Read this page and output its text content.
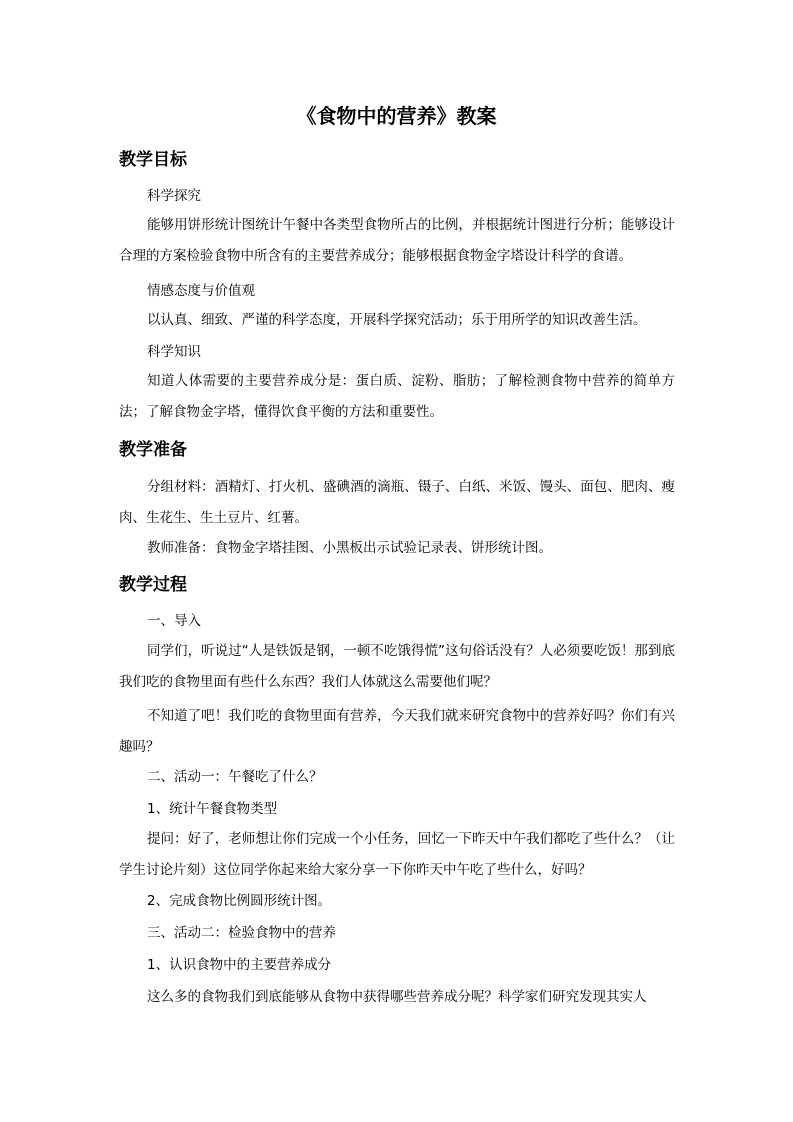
《食物中的营养》教案
教学目标
科学探究
能够用饼形统计图统计午餐中各类型食物所占的比例，并根据统计图进行分析；能够设计合理的方案检验食物中所含有的主要营养成分；能够根据食物金字塔设计科学的食谱。
情感态度与价值观
以认真、细致、严谨的科学态度，开展科学探究活动；乐于用所学的知识改善生活。
科学知识
知道人体需要的主要营养成分是：蛋白质、淀粉、脂肪；了解检测食物中营养的简单方法；了解食物金字塔，懂得饮食平衡的方法和重要性。
教学准备
分组材料：酒精灯、打火机、盛碘酒的滴瓶、镊子、白纸、米饭、馒头、面包、肥肉、瘦肉、生花生、生土豆片、红薯。
教师准备：食物金字塔挂图、小黑板出示试验记录表、饼形统计图。
教学过程
一、导入
同学们，听说过“人是铁饭是钢，一顿不吃饿得慌”这句俗话没有？人必须要吃饭！那到底我们吃的食物里面有些什么东西？我们人体就这么需要他们呢？
不知道了吧！我们吃的食物里面有营养，今天我们就来研究食物中的营养好吗？你们有兴趣吗？
二、活动一：午餐吃了什么？
1、统计午餐食物类型
提问：好了，老师想让你们完成一个小任务，回忆一下昨天中午我们都吃了些什么？（让学生讨论片刻）这位同学你起来给大家分享一下你昨天中午吃了些什么，好吗？
2、完成食物比例圆形统计图。
三、活动二：检验食物中的营养
1、认识食物中的主要营养成分
这么多的食物我们到底能够从食物中获得哪些营养成分呢？科学家们研究发现其实人
